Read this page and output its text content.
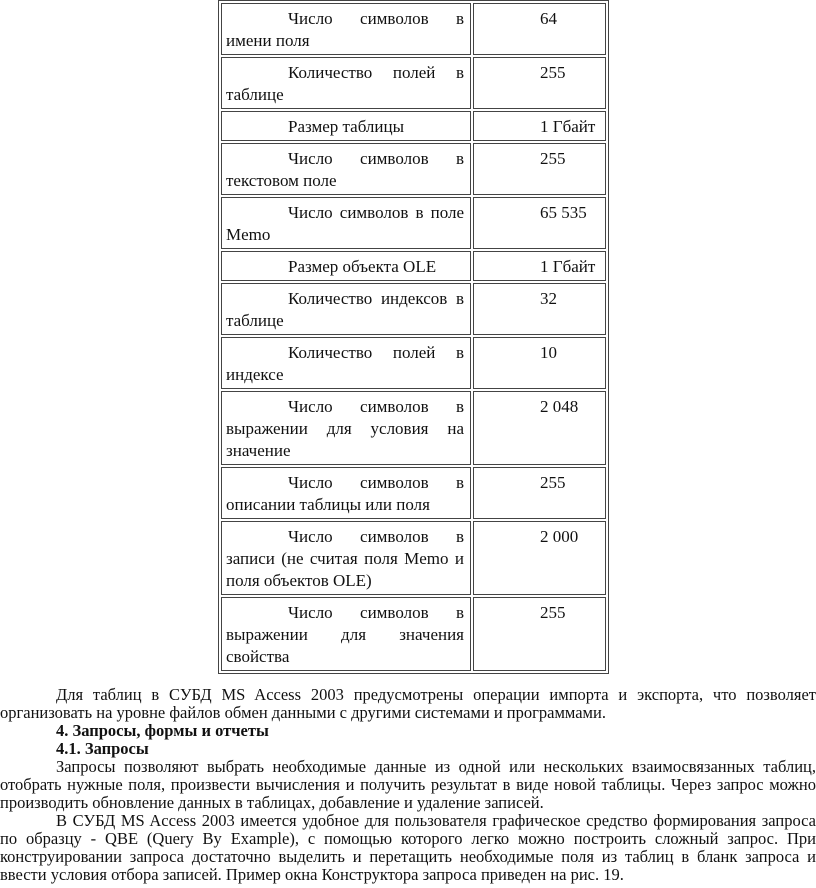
Число символов в имени поля	64

Количество полей в таблице	255

Размер таблицы	1 Гбайт

Число символов в текстовом поле	255

Число символов в поле Memo	65 535

Размер объекта OLE	1 Гбайт

Количество индексов в таблице	32

Количество полей в индексе	10

Число символов в выражении для условия на значение	2 048

Число символов в описании таблицы или поля	255

Число символов в записи (не считая поля Memo и поля объектов OLE)	2 000

Число символов в выражении для значения свойства	255

Для таблиц в СУБД MS Access 2003 предусмотрены операции импорта и экспорта, что позволяет организовать на уровне файлов обмен данными с другими системами и программами.

4. Запросы, формы и отчеты

4.1. Запросы

Запросы позволяют выбрать необходимые данные из одной или нескольких взаимосвязанных таблиц, отобрать нужные поля, произвести вычисления и получить результат в виде новой таблицы. Через запрос можно производить обновление данных в таблицах, добавление и удаление записей.

В СУБД MS Access 2003 имеется удобное для пользователя графическое средство формирования запроса по образцу - QBE (Query By Example), с помощью которого легко можно построить сложный запрос. При конструировании запроса достаточно выделить и перетащить необходимые поля из таблиц в бланк запроса и ввести условия отбора записей. Пример окна Конструктора запроса приведен на рис. 19.
